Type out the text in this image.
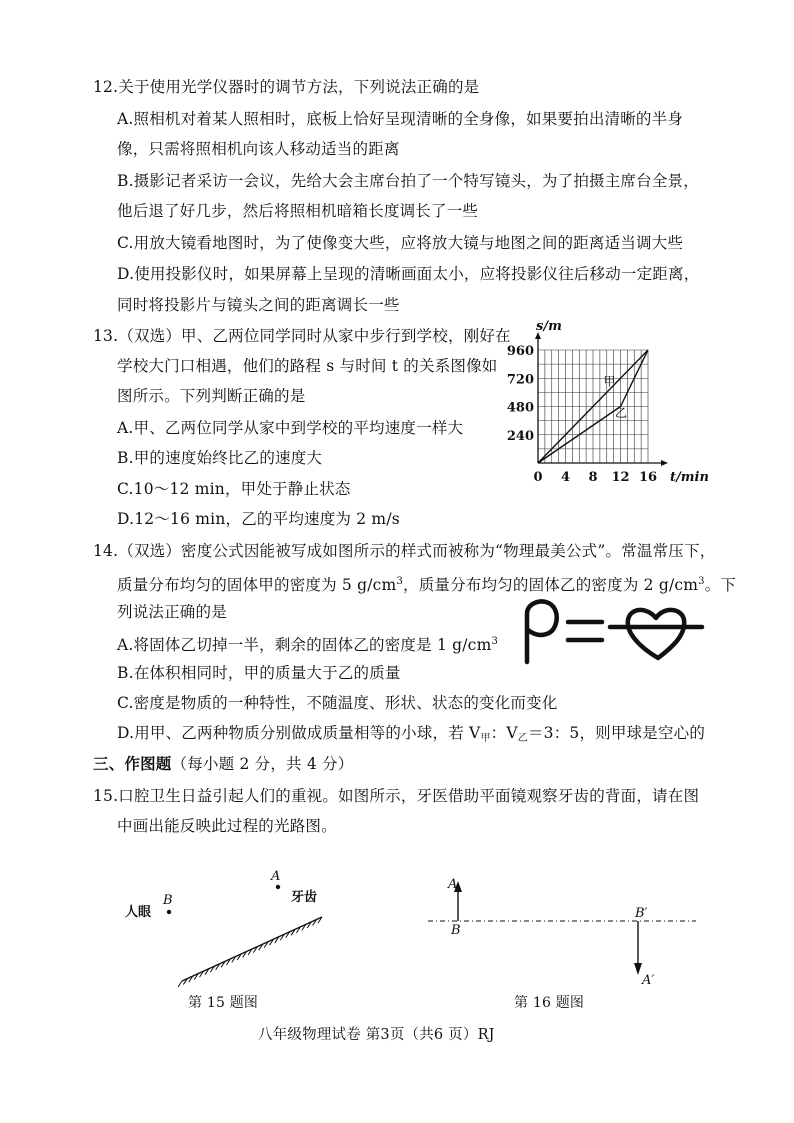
12.关于使用光学仪器时的调节方法，下列说法正确的是
A.照相机对着某人照相时，底板上恰好呈现清晰的全身像，如果要拍出清晰的半身
像，只需将照相机向该人移动适当的距离
B.摄影记者采访一会议，先给大会主席台拍了一个特写镜头，为了拍摄主席台全景，
他后退了好几步，然后将照相机暗箱长度调长了一些
C.用放大镜看地图时，为了使像变大些，应将放大镜与地图之间的距离适当调大些
D.使用投影仪时，如果屏幕上呈现的清晰画面太小，应将投影仪往后移动一定距离，
同时将投影片与镜头之间的距离调长一些
13.（双选）甲、乙两位同学同时从家中步行到学校，刚好在
学校大门口相遇，他们的路程 s 与时间 t 的关系图像如
图所示。下列判断正确的是
A.甲、乙两位同学从家中到学校的平均速度一样大
B.甲的速度始终比乙的速度大
C.10～12 min，甲处于静止状态
D.12～16 min，乙的平均速度为 2 m/s
甲
乙
0 4 8 12 16
240
480
720
960
t/min
s/m
14.（双选）密度公式因能被写成如图所示的样式而被称为“物理最美公式”。常温常压下，
质量分布均匀的固体甲的密度为 5 $g/cm^3$，质量分布均匀的固体乙的密度为 2 $g/cm^3$。下
列说法正确的是
A.将固体乙切掉一半，剩余的固体乙的密度是 1 $g/cm^3$
B.在体积相同时，甲的质量大于乙的质量
C.密度是物质的一种特性，不随温度、形状、状态的变化而变化
D.用甲、乙两种物质分别做成质量相等的小球，若 $V_甲$：$V_乙=3$：5，则甲球是空心的
三、作图题（每小题 2 分，共 4 分）
15.口腔卫生日益引起人们的重视。如图所示，牙医借助平面镜观察牙齿的背面，请在图
中画出能反映此过程的光路图。
A
牙齿
人眼
B
第 15 题图
A
B
B′
A′
第 16 题图
八年级物理试卷 第3页（共6 页）RJ
